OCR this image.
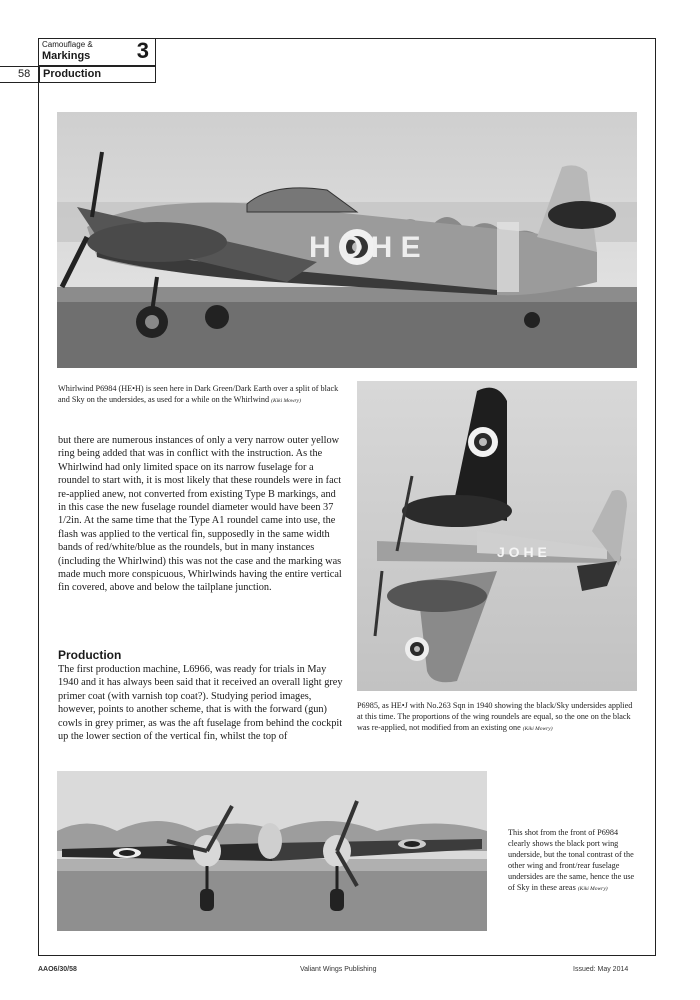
Camouflage &
Markings 3
58 Production
H O H E
Whirlwind P6984 (HE•H) is seen here in Dark Green/Dark Earth over a split of black and Sky on the undersides, as used for a while on the Whirlwind (Kiki Mowry)
J O H E
P6985, as HE•J with No.263 Sqn in 1940 showing the black/Sky undersides applied at this time. The proportions of the wing roundels are equal, so the one on the black was re-applied, not modified from an existing one (Kiki Mowry)

but there are numerous instances of only a very narrow outer yellow ring being added that was in conflict with the instruction. As the Whirlwind had only limited space on its narrow fuselage for a roundel to start with, it is most likely that these roundels were in fact re-applied anew, not converted from existing Type B markings, and in this case the new fuselage roundel diameter would have been 37 1/2in. At the same time that the Type A1 roundel came into use, the flash was applied to the vertical fin, supposedly in the same width bands of red/white/blue as the roundels, but in many instances (including the Whirlwind) this was not the case and the marking was made much more conspicuous, Whirlwinds having the entire vertical fin covered, above and below the tailplane junction.

Production

The first production machine, L6966, was ready for trials in May 1940 and it has always been said that it received an overall light grey primer coat (with varnish top coat?). Studying period images, however, points to another scheme, that is with the forward (gun) cowls in grey primer, as was the aft fuselage from behind the cockpit up the lower section of the vertical fin, whilst the top of

This shot from the front of P6984 clearly shows the black port wing underside, but the tonal contrast of the other wing and front/rear fuselage undersides are the same, hence the use of Sky in these areas (Kiki Mowry)
AAO6/30/58	Valiant Wings Publishing	Issued: May 2014
